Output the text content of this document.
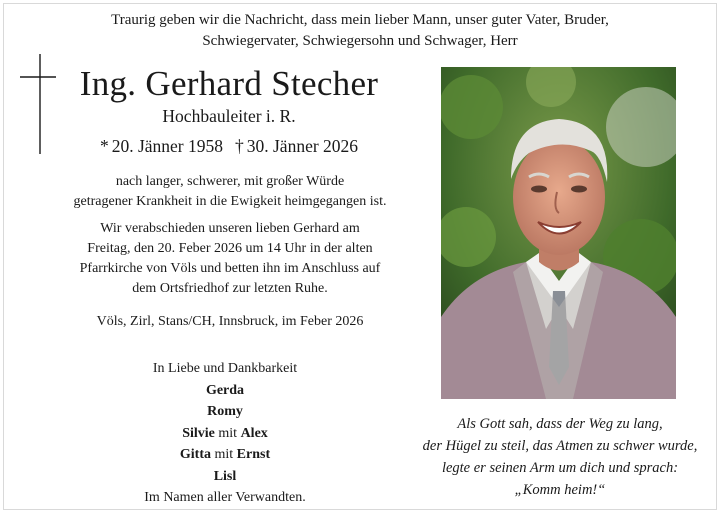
Traurig geben wir die Nachricht, dass mein lieber Mann, unser guter Vater, Bruder,
Schwiegervater, Schwiegersohn und Schwager, Herr
Ing. Gerhard Stecher
Hochbauleiter i. R.
* 20. Jänner 1958 † 30. Jänner 2026
nach langer, schwerer, mit großer Würde
getragener Krankheit in die Ewigkeit heimgegangen ist.
Wir verabschieden unseren lieben Gerhard am
Freitag, den 20. Feber 2026 um 14 Uhr in der alten
Pfarrkirche von Völs und betten ihn im Anschluss auf
dem Ortsfriedhof zur letzten Ruhe.
Völs, Zirl, Stans/CH, Innsbruck, im Feber 2026
In Liebe und Dankbarkeit
Gerda
Romy
Silvie mit Alex
Gitta mit Ernst
Lisl
Im Namen aller Verwandten.
Als Gott sah, dass der Weg zu lang,
der Hügel zu steil, das Atmen zu schwer wurde,
legte er seinen Arm um dich und sprach:
„Komm heim!“
